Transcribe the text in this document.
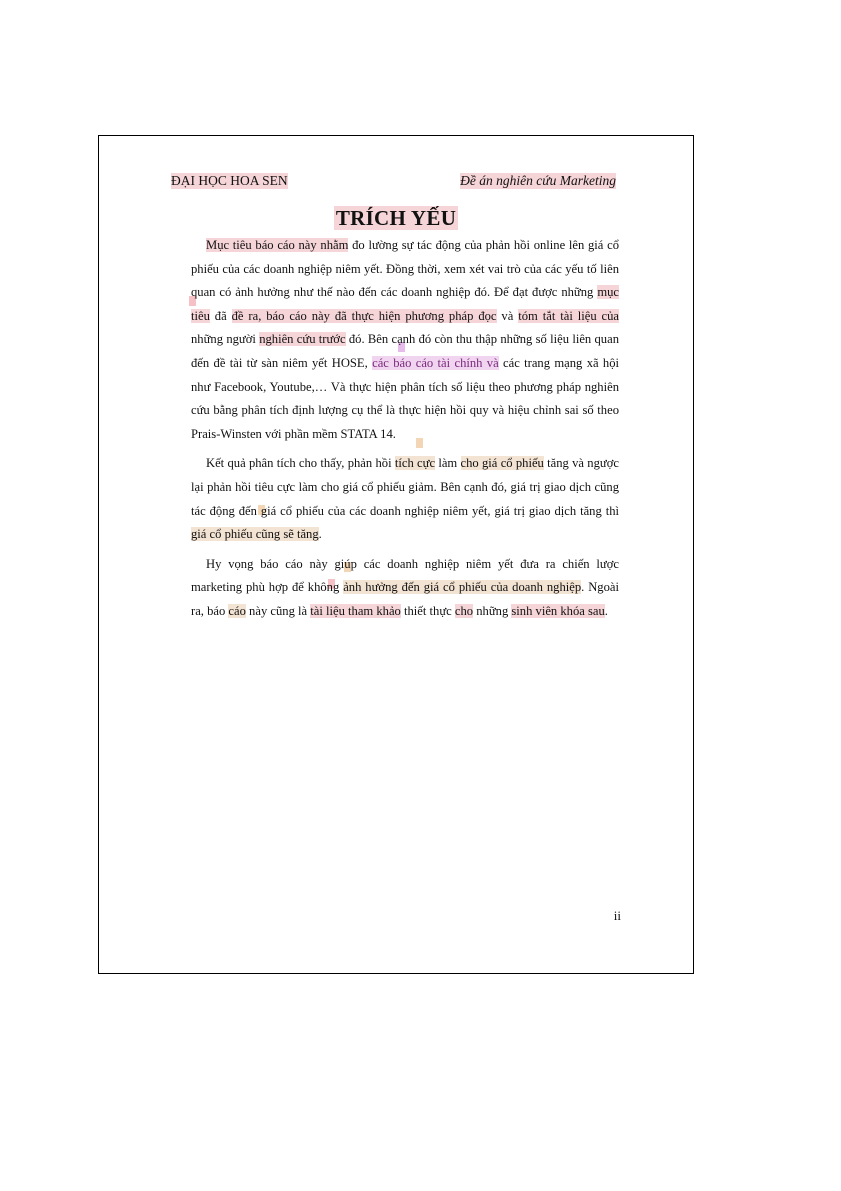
ĐẠI HỌC HOA SEN	Đề án nghiên cứu Marketing
TRÍCH YẾU

Mục tiêu báo cáo này nhằm đo lường sự tác động của phản hồi online lên giá cổ phiếu của các doanh nghiệp niêm yết. Đồng thời, xem xét vai trò của các yếu tố liên quan có ảnh hưởng như thế nào đến các doanh nghiệp đó. Để đạt được những mục tiêu đã đề ra, báo cáo này đã thực hiện phương pháp đọc và tóm tắt tài liệu của những người nghiên cứu trước đó. Bên cạnh đó còn thu thập những số liệu liên quan đến đề tài từ sàn niêm yết HOSE, các báo cáo tài chính và các trang mạng xã hội như Facebook, Youtube,… Và thực hiện phân tích số liệu theo phương pháp nghiên cứu bằng phân tích định lượng cụ thể là thực hiện hồi quy và hiệu chỉnh sai số theo Prais-Winsten với phần mềm STATA 14.

Kết quả phân tích cho thấy, phản hồi tích cực làm cho giá cổ phiếu tăng và ngược lại phản hồi tiêu cực làm cho giá cổ phiếu giảm. Bên cạnh đó, giá trị giao dịch cũng tác động đến giá cổ phiếu của các doanh nghiệp niêm yết, giá trị giao dịch tăng thì giá cổ phiếu cũng sẽ tăng.

Hy vọng báo cáo này giúp các doanh nghiệp niêm yết đưa ra chiến lược marketing phù hợp để không ảnh hưởng đến giá cổ phiếu của doanh nghiệp. Ngoài ra, báo cáo này cũng là tài liệu tham khảo thiết thực cho những sinh viên khóa sau.

ii
